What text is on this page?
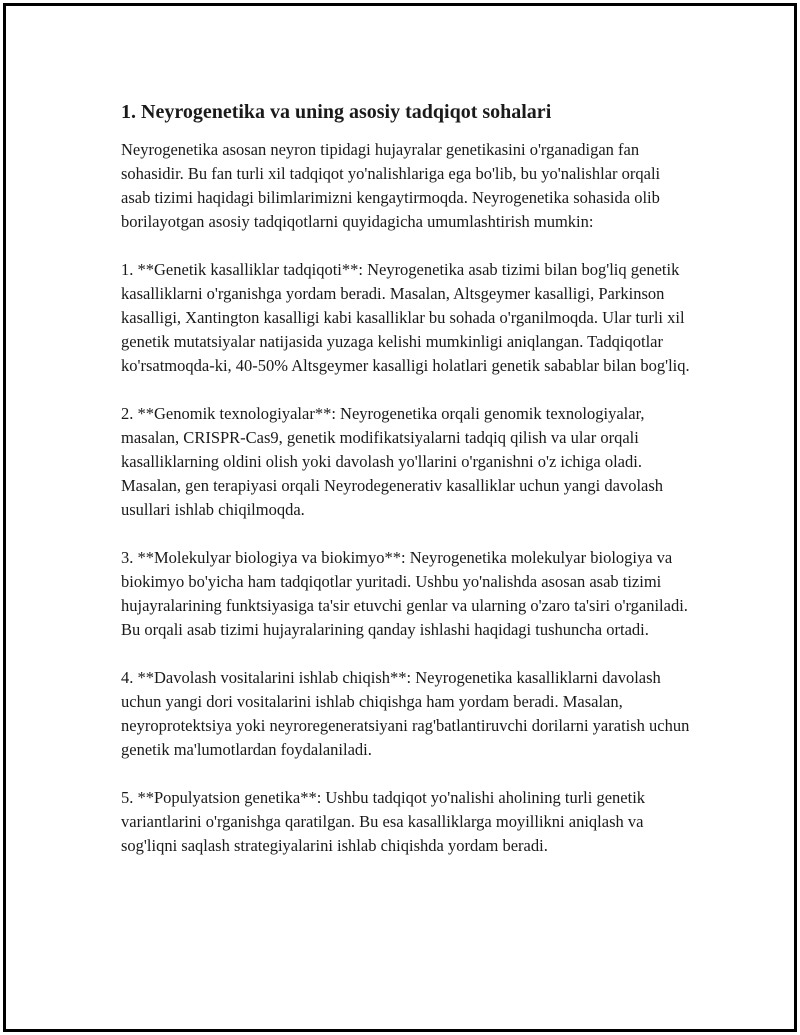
1. Neyrogenetika va uning asosiy tadqiqot sohalari

Neyrogenetika asosan neyron tipidagi hujayralar genetikasini o'rganadigan fan sohasidir. Bu fan turli xil tadqiqot yo'nalishlariga ega bo'lib, bu yo'nalishlar orqali asab tizimi haqidagi bilimlarimizni kengaytirmoqda. Neyrogenetika sohasida olib borilayotgan asosiy tadqiqotlarni quyidagicha umumlashtirish mumkin:

1. **Genetik kasalliklar tadqiqoti**: Neyrogenetika asab tizimi bilan bog'liq genetik kasalliklarni o'rganishga yordam beradi. Masalan, Altsgeymer kasalligi, Parkinson kasalligi, Xantington kasalligi kabi kasalliklar bu sohada o'rganilmoqda. Ular turli xil genetik mutatsiyalar natijasida yuzaga kelishi mumkinligi aniqlangan. Tadqiqotlar ko'rsatmoqda-ki, 40-50% Altsgeymer kasalligi holatlari genetik sabablar bilan bog'liq.

2. **Genomik texnologiyalar**: Neyrogenetika orqali genomik texnologiyalar, masalan, CRISPR-Cas9, genetik modifikatsiyalarni tadqiq qilish va ular orqali kasalliklarning oldini olish yoki davolash yo'llarini o'rganishni o'z ichiga oladi. Masalan, gen terapiyasi orqali Neyrodegenerativ kasalliklar uchun yangi davolash usullari ishlab chiqilmoqda.

3. **Molekulyar biologiya va biokimyo**: Neyrogenetika molekulyar biologiya va biokimyo bo'yicha ham tadqiqotlar yuritadi. Ushbu yo'nalishda asosan asab tizimi hujayralarining funktsiyasiga ta'sir etuvchi genlar va ularning o'zaro ta'siri o'rganiladi. Bu orqali asab tizimi hujayralarining qanday ishlashi haqidagi tushuncha ortadi.

4. **Davolash vositalarini ishlab chiqish**: Neyrogenetika kasalliklarni davolash uchun yangi dori vositalarini ishlab chiqishga ham yordam beradi. Masalan, neyroprotektsiya yoki neyroregeneratsiyani rag'batlantiruvchi dorilarni yaratish uchun genetik ma'lumotlardan foydalaniladi.

5. **Populyatsion genetika**: Ushbu tadqiqot yo'nalishi aholining turli genetik variantlarini o'rganishga qaratilgan. Bu esa kasalliklarga moyillikni aniqlash va sog'liqni saqlash strategiyalarini ishlab chiqishda yordam beradi.
